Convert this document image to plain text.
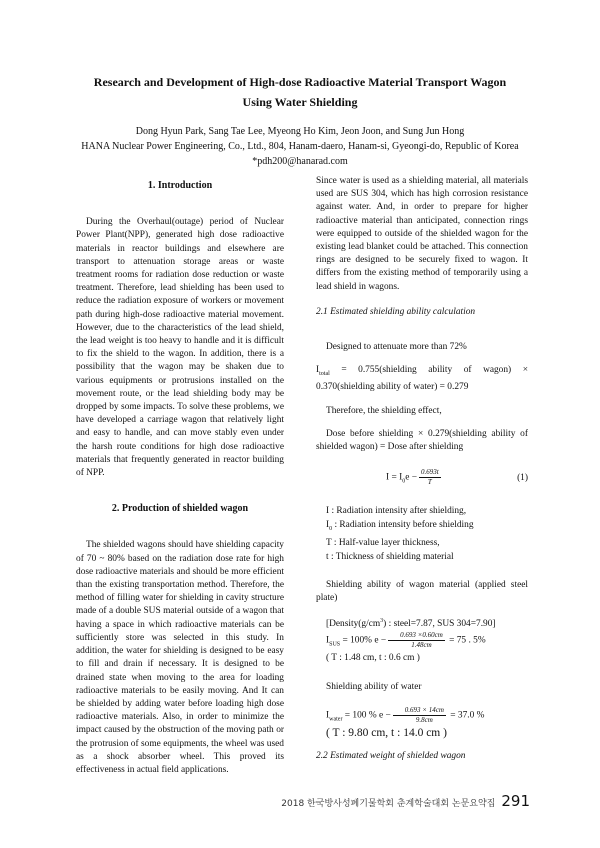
Research and Development of High-dose Radioactive Material Transport Wagon
Using Water Shielding
Dong Hyun Park, Sang Tae Lee, Myeong Ho Kim, Jeon Joon, and Sung Jun Hong
HANA Nuclear Power Engineering, Co., Ltd., 804, Hanam-daero, Hanam-si, Gyeongi-do, Republic of Korea
*pdh200@hanarad.com
1. Introduction

During the Overhaul(outage) period of Nuclear Power Plant(NPP), generated high dose radioactive materials in reactor buildings and elsewhere are transport to attenuation storage areas or waste treatment rooms for radiation dose reduction or waste treatment. Therefore, lead shielding has been used to reduce the radiation exposure of workers or movement path during high-dose radioactive material movement. However, due to the characteristics of the lead shield, the lead weight is too heavy to handle and it is difficult to fix the shield to the wagon. In addition, there is a possibility that the wagon may be shaken due to various equipments or protrusions installed on the movement route, or the lead shielding body may be dropped by some impacts. To solve these problems, we have developed a carriage wagon that relatively light and easy to handle, and can move stably even under the harsh route conditions for high dose radioactive materials that frequently generated in reactor building of NPP.

2. Production of shielded wagon

The shielded wagons should have shielding capacity of 70 ~ 80% based on the radiation dose rate for high dose radioactive materials and should be more efficient than the existing transportation method. Therefore, the method of filling water for shielding in cavity structure made of a double SUS material outside of a wagon that having a space in which radioactive materials can be sufficiently store was selected in this study. In addition, the water for shielding is designed to be easy to fill and drain if necessary. It is designed to be drained state when moving to the area for loading radioactive materials to be easily moving. And It can be shielded by adding water before loading high dose radioactive materials. Also, in order to minimize the impact caused by the obstruction of the moving path or the protrusion of some equipments, the wheel was used as a shock absorber wheel. This proved its effectiveness in actual field applications.

Since water is used as a shielding material, all materials used are SUS 304, which has high corrosion resistance against water. And, in order to prepare for higher radioactive material than anticipated, connection rings were equipped to outside of the shielded wagon for the existing lead blanket could be attached. This connection rings are designed to be securely fixed to wagon. It differs from the existing method of temporarily using a lead shield in wagons.

2.1 Estimated shielding ability calculation

Designed to attenuate more than 72%

$I_{total}$ = 0.755(shielding ability of wagon) × 0.370(shielding ability of water) = 0.279

Therefore, the shielding effect,

Dose before shielding × 0.279(shielding ability of shielded wagon) = Dose after shielding

$I = I_0e - \frac{0.693t}{T}$	(1)

I : Radiation intensity after shielding,

$I_0$ : Radiation intensity before shielding

T : Half-value layer thickness,

t : Thickness of shielding material

Shielding ability of wagon material (applied steel plate)

[$Density(g/cm^3)$ : steel=7.87, SUS 304=7.90]

$I_{SUS} = 100\%$ $e - \frac{0.693 \times 0.60cm}{1.48cm} = 75$ . 5%

( T : 1.48 cm, t : 0.6 cm )

Shielding ability of water

$I_{water} = 100$ % $e - \frac{0.693 \times 14cm}{9.8cm} = 37.0$ %

( T : 9.80 cm, t : 14.0 cm )

2.2 Estimated weight of shielded wagon
2018 한국방사성폐기물학회 춘계학술대회 논문요약집 291
